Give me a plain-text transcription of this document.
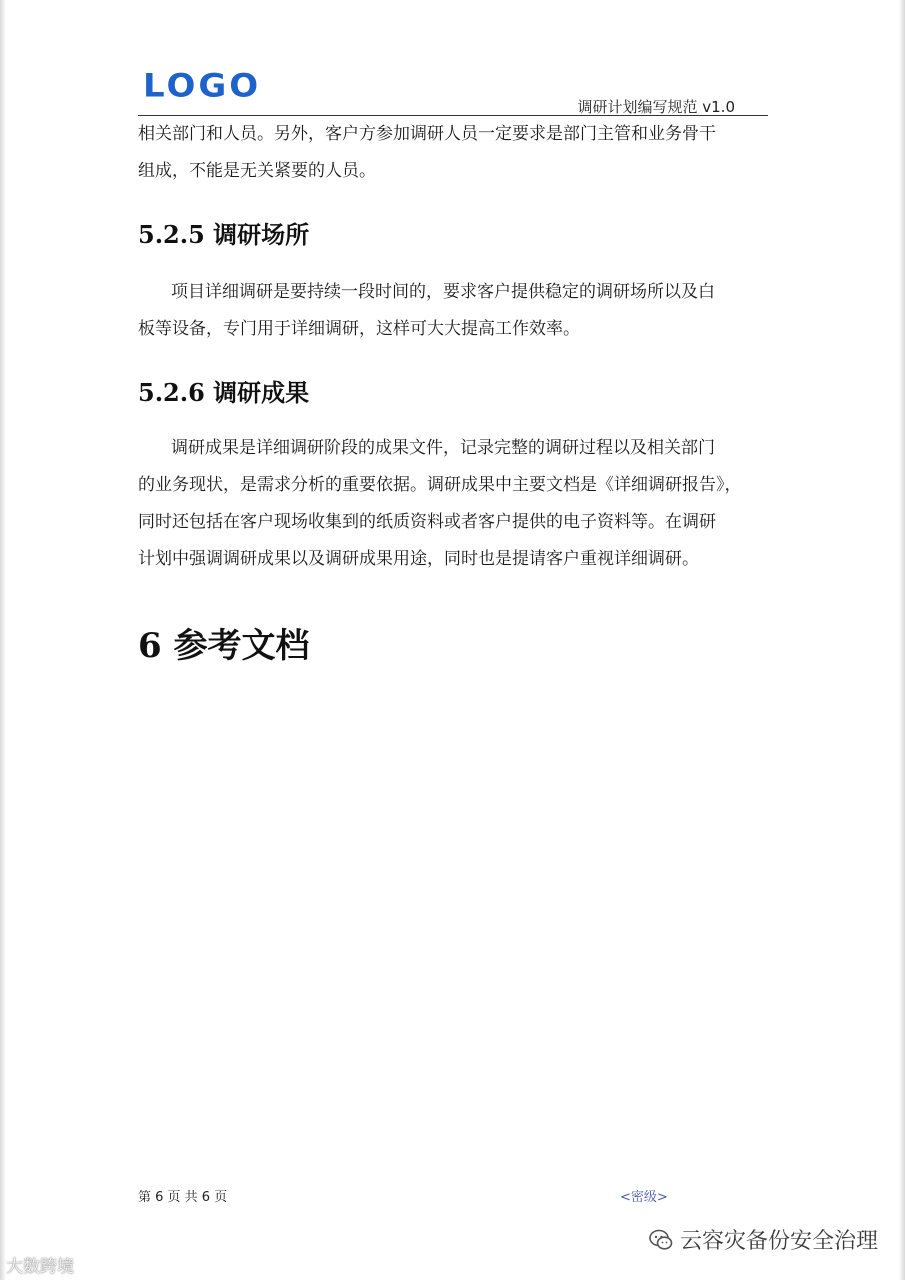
LOGO
调研计划编写规范 v1.0
相关部门和人员。另外，客户方参加调研人员一定要求是部门主管和业务骨干
组成，不能是无关紧要的人员。
5.2.5 调研场所
项目详细调研是要持续一段时间的，要求客户提供稳定的调研场所以及白
板等设备，专门用于详细调研，这样可大大提高工作效率。
5.2.6 调研成果
调研成果是详细调研阶段的成果文件，记录完整的调研过程以及相关部门
的业务现状，是需求分析的重要依据。调研成果中主要文档是《详细调研报告》，
同时还包括在客户现场收集到的纸质资料或者客户提供的电子资料等。在调研
计划中强调调研成果以及调研成果用途，同时也是提请客户重视详细调研。
6 参考文档
第 6 页 共 6 页	<密级>
大数跨境
云容灾备份安全治理
